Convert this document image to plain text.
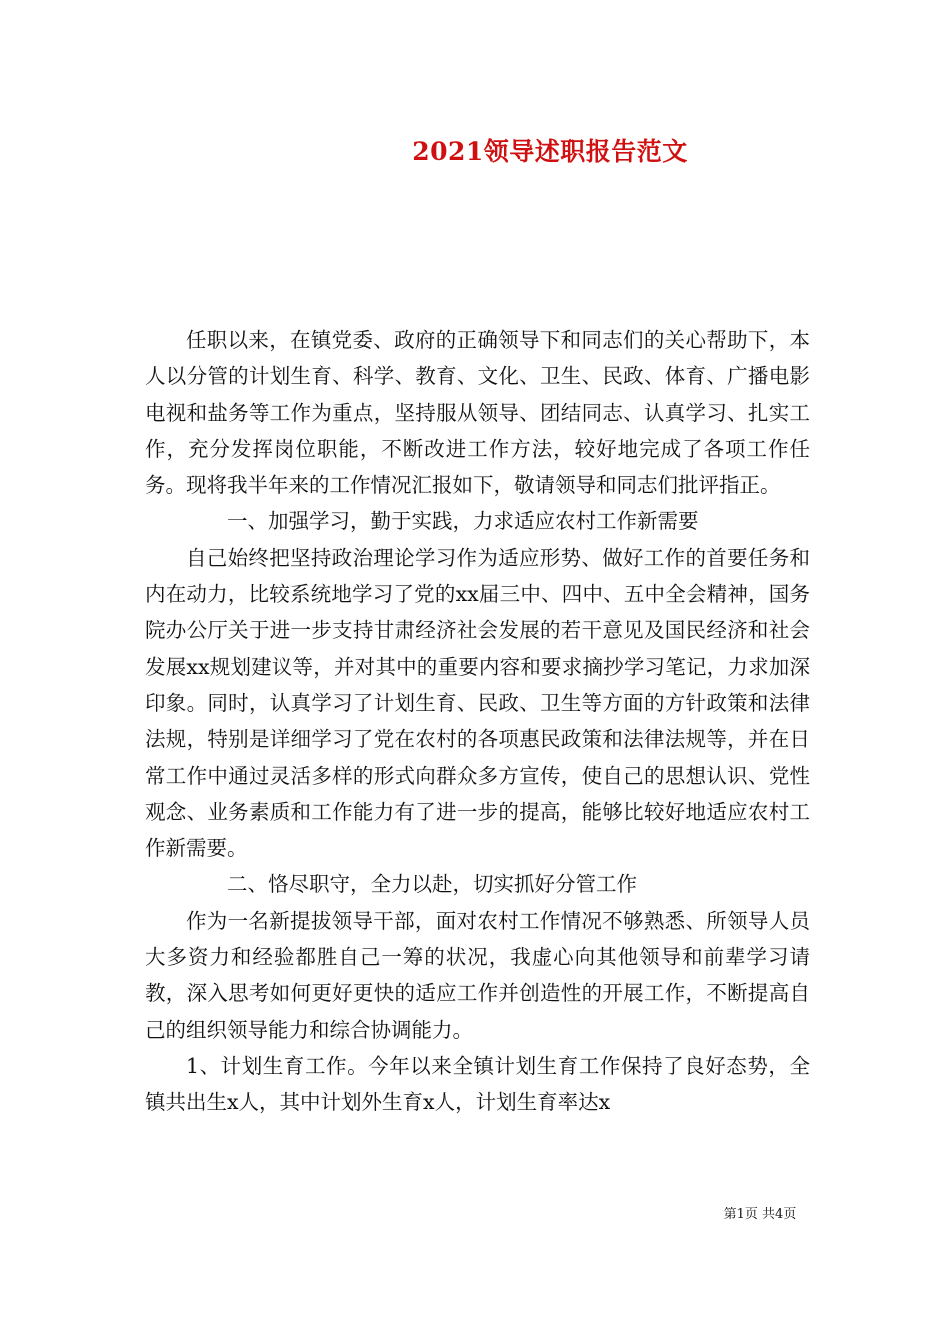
2021领导述职报告范文

任职以来，在镇党委、政府的正确领导下和同志们的关心帮助下，本人以分管的计划生育、科学、教育、文化、卫生、民政、体育、广播电影电视和盐务等工作为重点，坚持服从领导、团结同志、认真学习、扎实工作，充分发挥岗位职能，不断改进工作方法，较好地完成了各项工作任务。现将我半年来的工作情况汇报如下，敬请领导和同志们批评指正。

一、加强学习，勤于实践，力求适应农村工作新需要

自己始终把坚持政治理论学习作为适应形势、做好工作的首要任务和内在动力，比较系统地学习了党的xx届三中、四中、五中全会精神，国务院办公厅关于进一步支持甘肃经济社会发展的若干意见及国民经济和社会发展xx规划建议等，并对其中的重要内容和要求摘抄学习笔记，力求加深印象。同时，认真学习了计划生育、民政、卫生等方面的方针政策和法律法规，特别是详细学习了党在农村的各项惠民政策和法律法规等，并在日常工作中通过灵活多样的形式向群众多方宣传，使自己的思想认识、党性观念、业务素质和工作能力有了进一步的提高，能够比较好地适应农村工作新需要。

二、恪尽职守，全力以赴，切实抓好分管工作

作为一名新提拔领导干部，面对农村工作情况不够熟悉、所领导人员大多资力和经验都胜自己一筹的状况，我虚心向其他领导和前辈学习请教，深入思考如何更好更快的适应工作并创造性的开展工作，不断提高自己的组织领导能力和综合协调能力。

1、计划生育工作。今年以来全镇计划生育工作保持了良好态势，全镇共出生x人，其中计划外生育x人，计划生育率达x

第1页 共4页
